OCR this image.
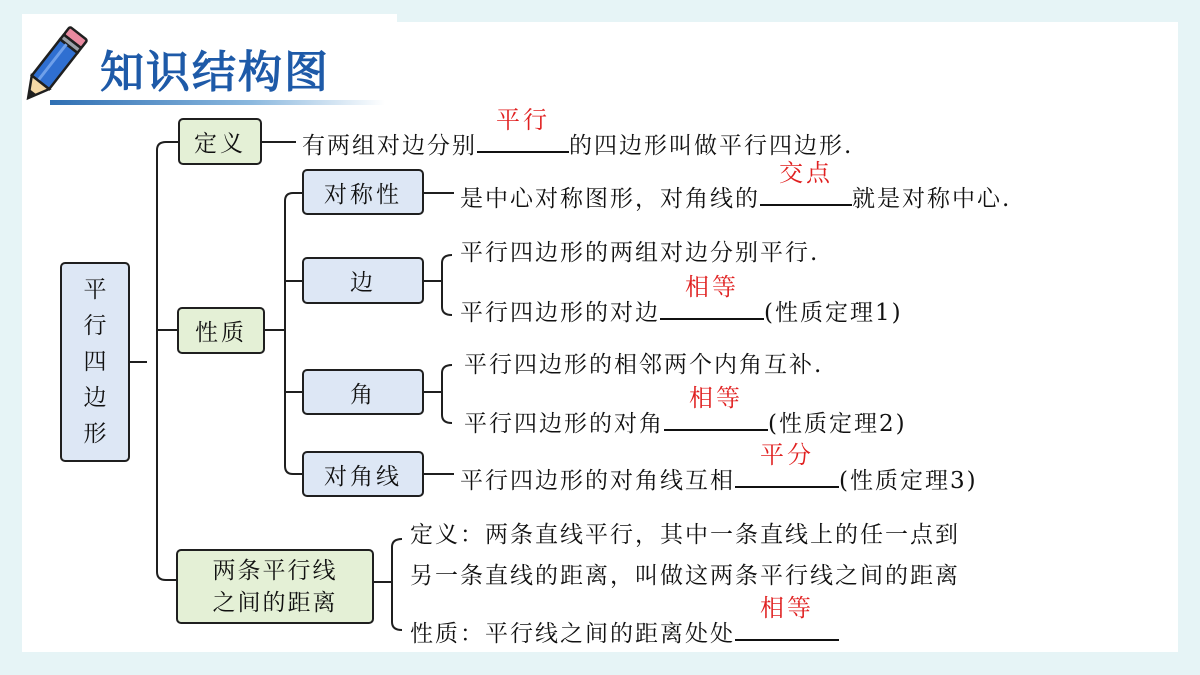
知识结构图
平
行
四
边
形
定义 有两组对边分别
平行
的四边形叫做平行四边形.
性质
对称性	是中心对称图形，对角线的
交点
就是对称中心.
边
平行四边形的两组对边分别平行.
平行四边形的对边
相等
(性质定理1)
角
平行四边形的相邻两个内角互补.
平行四边形的对角
相等
(性质定理2)
对角线	平行四边形的对角线互相
平分
(性质定理3)
两条平行线
之间的距离
定义：两条直线平行，其中一条直线上的任一点到
另一条直线的距离，叫做这两条平行线之间的距离
性质：平行线之间的距离处处
相等
